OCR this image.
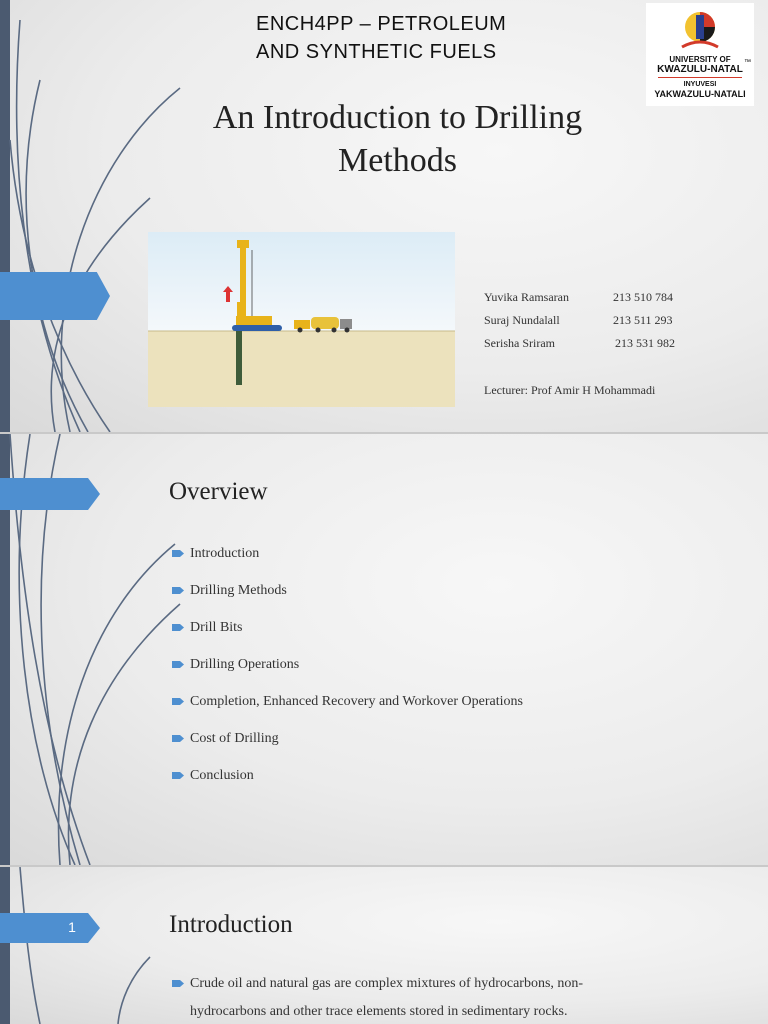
ENCH4PP – PETROLEUM
AND SYNTHETIC FUELS	UNIVERSITY OF
KWAZULU-NATAL
INYUVESI
YAKWAZULU-NATALI
™
An Introduction to Drilling
Methods
Yuvika Ramsaran	213 510 784
Suraj Nundalall	213 511 293
Serisha Sriram	213 531 982
Lecturer: Prof Amir H Mohammadi
Overview
Introduction
Drilling Methods
Drill Bits
Drilling Operations
Completion, Enhanced Recovery and Workover Operations
Cost of Drilling
Conclusion
1	Introduction
Crude oil and natural gas are complex mixtures of hydrocarbons, non-
hydrocarbons and other trace elements stored in sedimentary rocks.
